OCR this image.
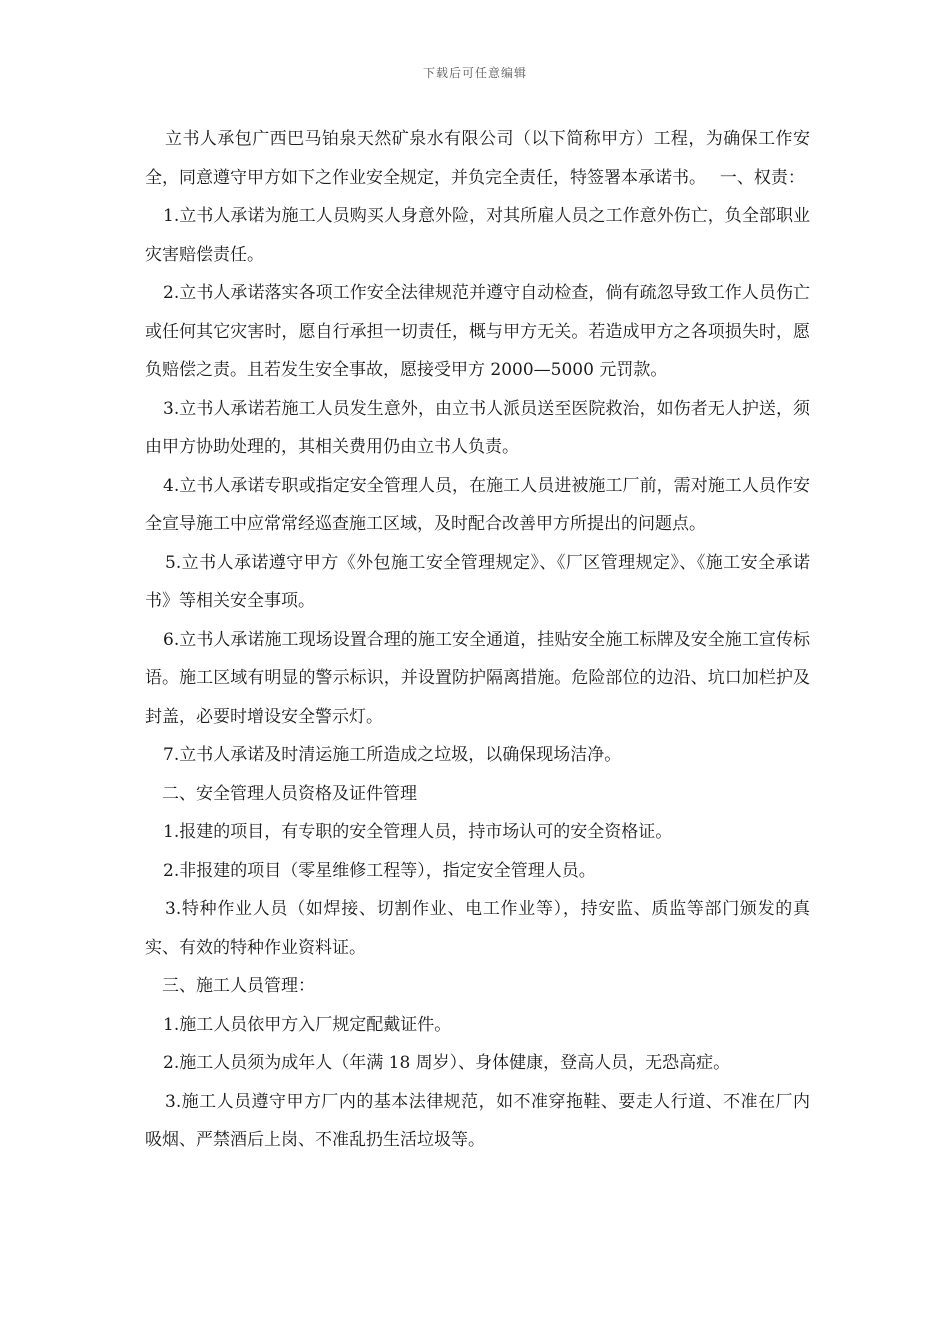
下载后可任意编辑

立书人承包广西巴马铂泉天然矿泉水有限公司（以下简称甲方）工程，为确保工作安全，同意遵守甲方如下之作业安全规定，并负完全责任，特签署本承诺书。　 一、权责：

1.立书人承诺为施工人员购买人身意外险，对其所雇人员之工作意外伤亡，负全部职业灾害赔偿责任。

2.立书人承诺落实各项工作安全法律规范并遵守自动检查，倘有疏忽导致工作人员伤亡或任何其它灾害时，愿自行承担一切责任，概与甲方无关。若造成甲方之各项损失时，愿负赔偿之责。且若发生安全事故，愿接受甲方 2000—5000 元罚款。

3.立书人承诺若施工人员发生意外，由立书人派员送至医院救治，如伤者无人护送，须由甲方协助处理的，其相关费用仍由立书人负责。

4.立书人承诺专职或指定安全管理人员，在施工人员进被施工厂前，需对施工人员作安全宣导施工中应常常经巡查施工区域，及时配合改善甲方所提出的问题点。

5.立书人承诺遵守甲方《外包施工安全管理规定》、《厂区管理规定》、《施工安全承诺书》等相关安全事项。

6.立书人承诺施工现场设置合理的施工安全通道，挂贴安全施工标牌及安全施工宣传标语。施工区域有明显的警示标识，并设置防护隔离措施。危险部位的边沿、坑口加栏护及封盖，必要时增设安全警示灯。

7.立书人承诺及时清运施工所造成之垃圾，以确保现场洁净。

二、安全管理人员资格及证件管理

1.报建的项目，有专职的安全管理人员，持市场认可的安全资格证。

2.非报建的项目（零星维修工程等），指定安全管理人员。

3.特种作业人员（如焊接、切割作业、电工作业等），持安监、质监等部门颁发的真实、有效的特种作业资料证。

三、施工人员管理：

1.施工人员依甲方入厂规定配戴证件。

2.施工人员须为成年人（年满 18 周岁）、身体健康，登高人员，无恐高症。

3.施工人员遵守甲方厂内的基本法律规范，如不准穿拖鞋、要走人行道、不准在厂内吸烟、严禁酒后上岗、不准乱扔生活垃圾等。
